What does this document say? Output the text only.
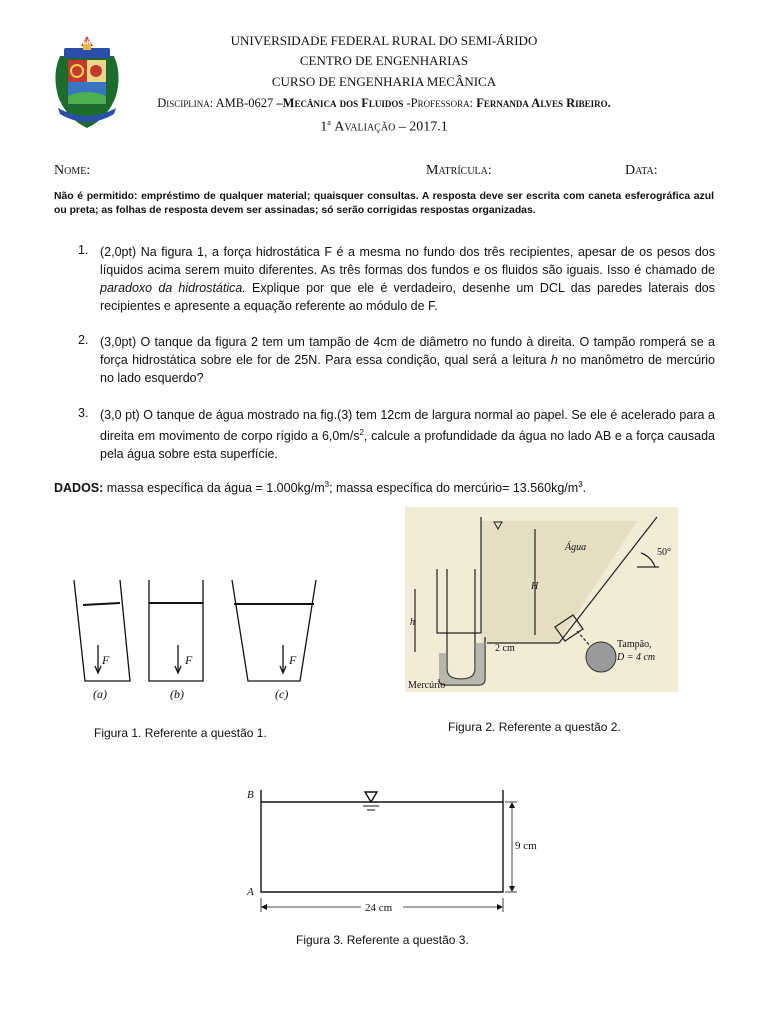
UFERSA	UNIVERSIDADE FEDERAL RURAL DO SEMI-ÁRIDO
CENTRO DE ENGENHARIAS
CURSO DE ENGENHARIA MECÂNICA
Disciplina: AMB-0627 –Mecânica dos Fluidos -Professora: Fernanda Alves Ribeiro.
1$^a$ Avaliação – 2017.1
Nome:	Matrícula:	Data:
Não é permitido: empréstimo de qualquer material; quaisquer consultas. A resposta deve ser escrita com caneta esferográfica azul ou preta; as folhas de resposta devem ser assinadas; só serão corrigidas respostas organizadas.
1. (2,0pt) Na figura 1, a força hidrostática F é a mesma no fundo dos três recipientes, apesar de os pesos dos líquidos acima serem muito diferentes. As três formas dos fundos e os fluidos são iguais. Isso é chamado de paradoxo da hidrostática. Explique por que ele é verdadeiro, desenhe um DCL das paredes laterais dos recipientes e apresente a equação referente ao módulo de F.
2. (3,0pt) O tanque da figura 2 tem um tampão de 4cm de diâmetro no fundo à direita. O tampão romperá se a força hidrostática sobre ele for de 25N. Para essa condição, qual será a leitura h no manômetro de mercúrio no lado esquerdo?
3. (3,0 pt) O tanque de água mostrado na fig.(3) tem 12cm de largura normal ao papel. Se ele é acelerado para a direita em movimento de corpo rígido a $6,0m/s^2$, calcule a profundidade da água no lado AB e a força causada pela água sobre esta superfície.
DADOS: massa específica da água = $1.000kg/m^3$; massa específica do mercúrio= $13.560kg/m^3$.
F	F	F
(a)	(b)	(c)
Figura 1. Referente a questão 1.
Água	50°
H
h
2 cm	Tampão,
D = 4 cm
Mercúrio
Figura 2. Referente a questão 2.
B
A
9 cm
24 cm
Figura 3. Referente a questão 3.
